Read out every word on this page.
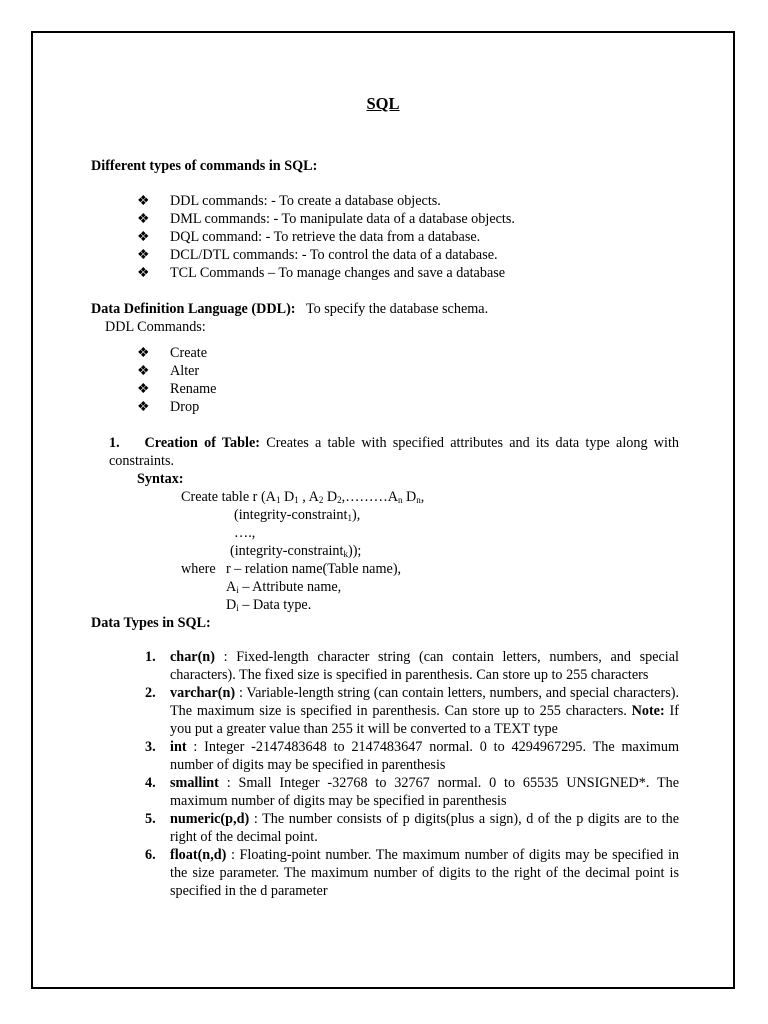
SQL
Different types of commands in SQL:
❖ DDL commands: - To create a database objects.
❖ DML commands: - To manipulate data of a database objects.
❖ DQL command: - To retrieve the data from a database.
❖ DCL/DTL commands: - To control the data of a database.
❖ TCL Commands – To manage changes and save a database
Data Definition Language (DDL): To specify the database schema.
DDL Commands:
❖ Create
❖ Alter
❖ Rename
❖ Drop
1. Creation of Table: Creates a table with specified attributes and its data type along with
constraints.
Syntax:
Create table r ($A_1$ $D_1$ , $A_2$ $D_2,\dots\dots\dots A_n$ $D_n$,
(integrity-constraint$_1$),
….,
(integrity-constraint$_k$));
where r – relation name(Table name),
$A_i$ – Attribute name,
$D_i$ – Data type.
Data Types in SQL:
1. char(n) : Fixed-length character string (can contain letters, numbers, and special characters). The fixed size is specified in parenthesis. Can store up to 255 characters
2. varchar(n) : Variable-length string (can contain letters, numbers, and special characters). The maximum size is specified in parenthesis. Can store up to 255 characters. Note: If you put a greater value than 255 it will be converted to a TEXT type
3. int : Integer -2147483648 to 2147483647 normal. 0 to 4294967295. The maximum number of digits may be specified in parenthesis
4. smallint : Small Integer -32768 to 32767 normal. 0 to 65535 UNSIGNED*. The maximum number of digits may be specified in parenthesis
5. numeric(p,d) : The number consists of p digits(plus a sign), d of the p digits are to the right of the decimal point.
6. float(n,d) : Floating-point number. The maximum number of digits may be specified in the size parameter. The maximum number of digits to the right of the decimal point is specified in the d parameter
